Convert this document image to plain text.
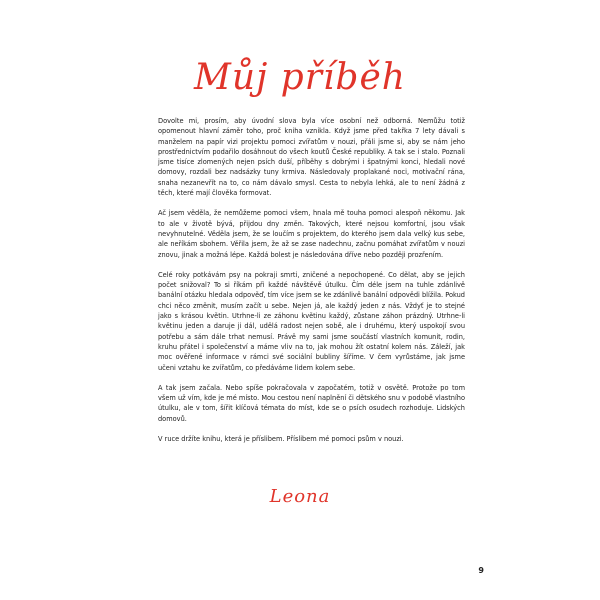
Můj příběh

Dovolte mi, prosím, aby úvodní slova byla více osobní než odborná. Nemůžu totiž opomenout hlavní záměr toho, proč kniha vznikla. Když jsme před takřka 7 lety dávali s manželem na papír vizi projektu pomoci zvířatům v nouzi, přáli jsme si, aby se nám jeho prostřednictvím podařilo dosáhnout do všech koutů České republiky. A tak se i stalo. Poznali jsme tisíce zlomených nejen psích duší, příběhy s dobrými i špatnými konci, hledali nové domovy, rozdali bez nadsázky tuny krmiva. Následovaly proplakané noci, motivační rána, snaha nezanevřít na to, co nám dávalo smysl. Cesta to nebyla lehká, ale to není žádná z těch, které mají člověka formovat.

Ač jsem věděla, že nemůžeme pomoci všem, hnala mě touha pomoci alespoň někomu. Jak to ale v životě bývá, přijdou dny změn. Takových, které nejsou komfortní, jsou však nevyhnutelné. Věděla jsem, že se loučím s projektem, do kterého jsem dala velký kus sebe, ale neříkám sbohem. Věřila jsem, že až se zase nadechnu, začnu pomáhat zvířatům v nouzi znovu, jinak a možná lépe. Každá bolest je následována dříve nebo později prozřením.

Celé roky potkávám psy na pokraji smrti, zničené a nepochopené. Co dělat, aby se jejich počet snižoval? To si říkám při každé návštěvě útulku. Čím déle jsem na tuhle zdánlivě banální otázku hledala odpověď, tím více jsem se ke zdánlivě banální odpovědi blížila. Pokud chci něco změnit, musím začít u sebe. Nejen já, ale každý jeden z nás. Vždyť je to stejné jako s krásou květin. Utrhne-li ze záhonu květinu každý, zůstane záhon prázdný. Utrhne-li květinu jeden a daruje ji dál, udělá radost nejen sobě, ale i druhému, který uspokojí svou potřebu a sám dále trhat nemusí. Právě my sami jsme součástí vlastních komunit, rodin, kruhu přátel i společenství a máme vliv na to, jak mohou žít ostatní kolem nás. Záleží, jak moc ověřené informace v rámci své sociální bubliny šíříme. V čem vyrůstáme, jak jsme učeni vztahu ke zvířatům, co předáváme lidem kolem sebe.

A tak jsem začala. Nebo spíše pokračovala v započatém, totiž v osvětě. Protože po tom všem už vím, kde je mé místo. Mou cestou není naplnění či dětského snu v podobě vlastního útulku, ale v tom, šířit klíčová témata do míst, kde se o psích osudech rozhoduje. Lidských domovů.

V ruce držíte knihu, která je příslibem. Příslibem mé pomoci psům v nouzi.

Leona
9
